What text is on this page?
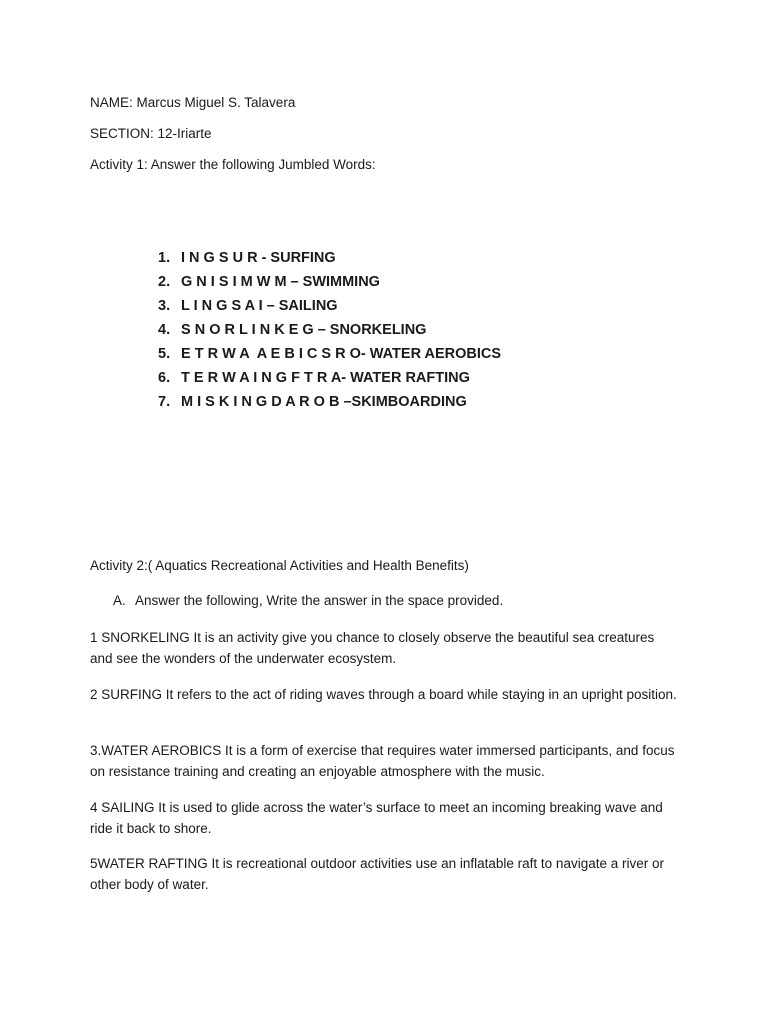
NAME: Marcus Miguel S. Talavera
SECTION: 12-Iriarte
Activity 1: Answer the following Jumbled Words:
1. I N G S U R - SURFING
2. G N I S I M W M – SWIMMING
3. L I N G S A I – SAILING
4. S N O R L I N K E G – SNORKELING
5. E T R W A  A E B I C S R O- WATER AEROBICS
6. T E R W A I N G F T R A- WATER RAFTING
7. M I S K I N G D A R O B –SKIMBOARDING
Activity 2:( Aquatics Recreational Activities and Health Benefits)
A. Answer the following, Write the answer in the space provided.
1 SNORKELING It is an activity give you chance to closely observe the beautiful sea creatures and see the wonders of the underwater ecosystem.
2 SURFING It refers to the act of riding waves through a board while staying in an upright position.
3.WATER AEROBICS It is a form of exercise that requires water immersed participants, and focus on resistance training and creating an enjoyable atmosphere with the music.
4 SAILING It is used to glide across the water’s surface to meet an incoming breaking wave and ride it back to shore.
5WATER RAFTING It is recreational outdoor activities use an inflatable raft to navigate a river or other body of water.
